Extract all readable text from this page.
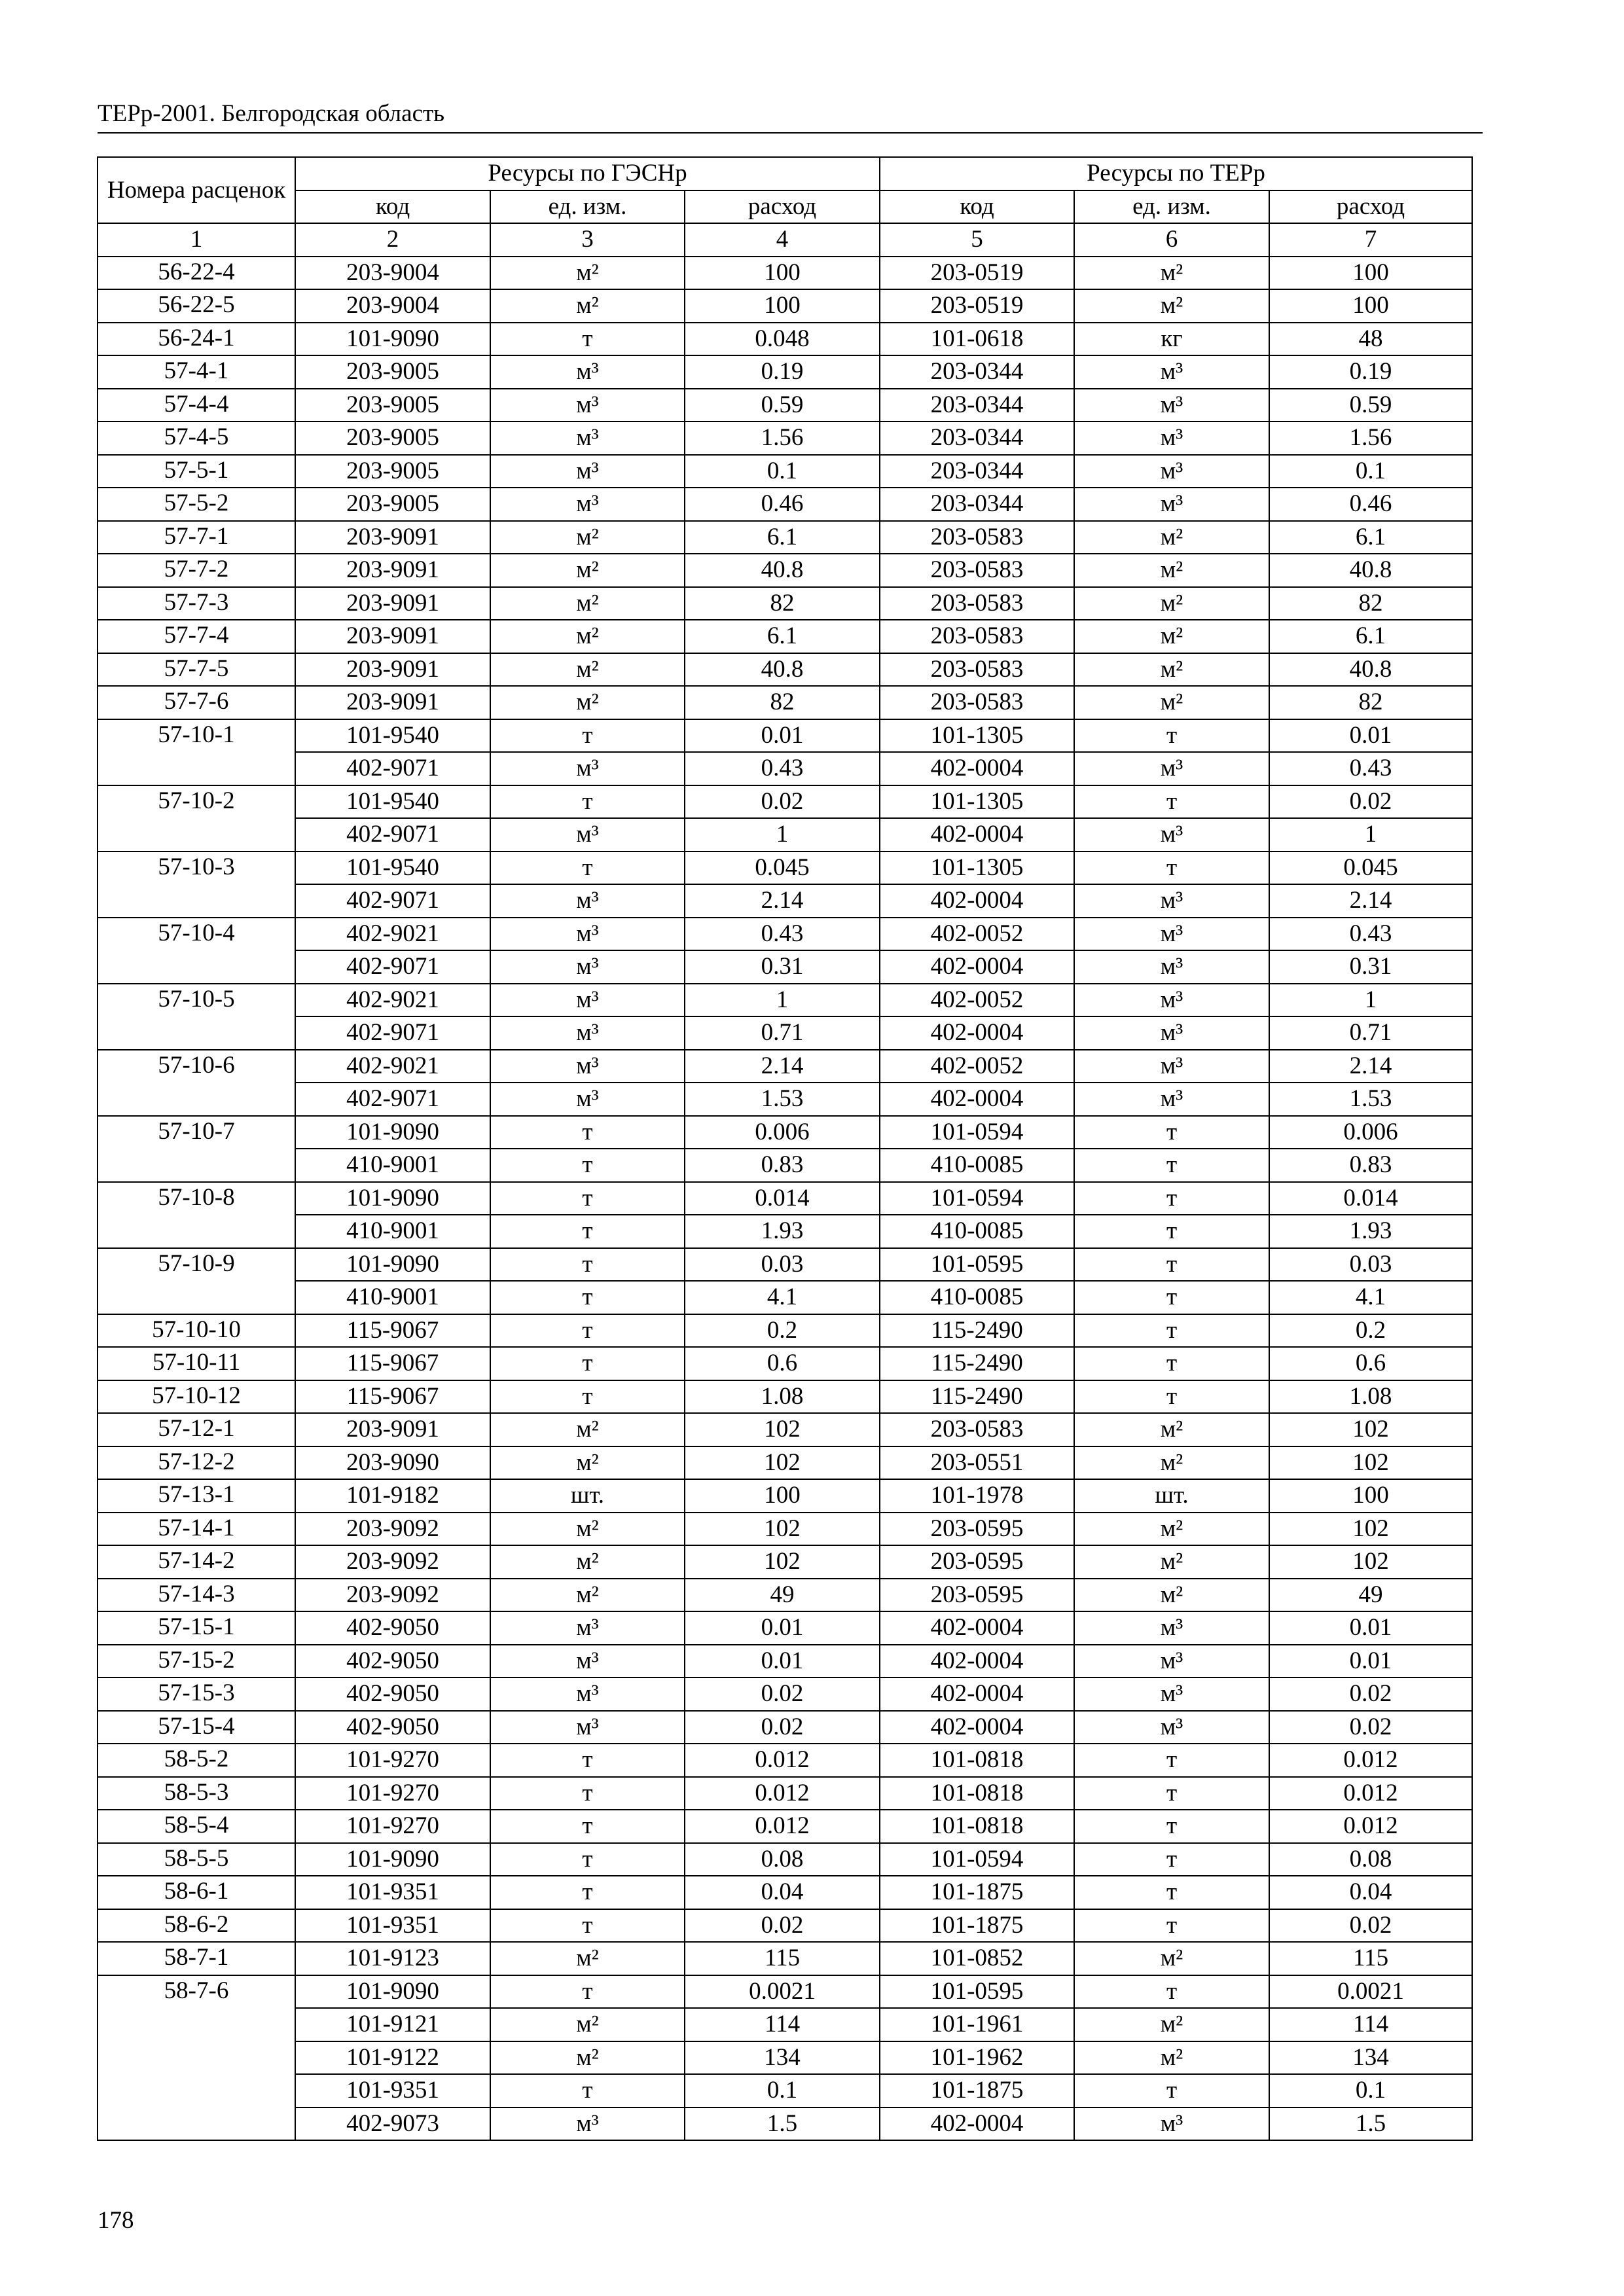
ТЕРр-2001. Белгородская область
Номера расценок	Ресурсы по ГЭСНр			Ресурсы по ТЕРр		
	код	ед. изм.	расход	код	ед. изм.	расход
1	2	3	4	5	6	7
56-22-4	203-9004	м²	100	203-0519	м²	100
56-22-5	203-9004	м²	100	203-0519	м²	100
56-24-1	101-9090	т	0.048	101-0618	кг	48
57-4-1	203-9005	м³	0.19	203-0344	м³	0.19
57-4-4	203-9005	м³	0.59	203-0344	м³	0.59
57-4-5	203-9005	м³	1.56	203-0344	м³	1.56
57-5-1	203-9005	м³	0.1	203-0344	м³	0.1
57-5-2	203-9005	м³	0.46	203-0344	м³	0.46
57-7-1	203-9091	м²	6.1	203-0583	м²	6.1
57-7-2	203-9091	м²	40.8	203-0583	м²	40.8
57-7-3	203-9091	м²	82	203-0583	м²	82
57-7-4	203-9091	м²	6.1	203-0583	м²	6.1
57-7-5	203-9091	м²	40.8	203-0583	м²	40.8
57-7-6	203-9091	м²	82	203-0583	м²	82
57-10-1	101-9540	т	0.01	101-1305	т	0.01
	402-9071	м³	0.43	402-0004	м³	0.43
57-10-2	101-9540	т	0.02	101-1305	т	0.02
	402-9071	м³	1	402-0004	м³	1
57-10-3	101-9540	т	0.045	101-1305	т	0.045
	402-9071	м³	2.14	402-0004	м³	2.14
57-10-4	402-9021	м³	0.43	402-0052	м³	0.43
	402-9071	м³	0.31	402-0004	м³	0.31
57-10-5	402-9021	м³	1	402-0052	м³	1
	402-9071	м³	0.71	402-0004	м³	0.71
57-10-6	402-9021	м³	2.14	402-0052	м³	2.14
	402-9071	м³	1.53	402-0004	м³	1.53
57-10-7	101-9090	т	0.006	101-0594	т	0.006
	410-9001	т	0.83	410-0085	т	0.83
57-10-8	101-9090	т	0.014	101-0594	т	0.014
	410-9001	т	1.93	410-0085	т	1.93
57-10-9	101-9090	т	0.03	101-0595	т	0.03
	410-9001	т	4.1	410-0085	т	4.1
57-10-10	115-9067	т	0.2	115-2490	т	0.2
57-10-11	115-9067	т	0.6	115-2490	т	0.6
57-10-12	115-9067	т	1.08	115-2490	т	1.08
57-12-1	203-9091	м²	102	203-0583	м²	102
57-12-2	203-9090	м²	102	203-0551	м²	102
57-13-1	101-9182	шт.	100	101-1978	шт.	100
57-14-1	203-9092	м²	102	203-0595	м²	102
57-14-2	203-9092	м²	102	203-0595	м²	102
57-14-3	203-9092	м²	49	203-0595	м²	49
57-15-1	402-9050	м³	0.01	402-0004	м³	0.01
57-15-2	402-9050	м³	0.01	402-0004	м³	0.01
57-15-3	402-9050	м³	0.02	402-0004	м³	0.02
57-15-4	402-9050	м³	0.02	402-0004	м³	0.02
58-5-2	101-9270	т	0.012	101-0818	т	0.012
58-5-3	101-9270	т	0.012	101-0818	т	0.012
58-5-4	101-9270	т	0.012	101-0818	т	0.012
58-5-5	101-9090	т	0.08	101-0594	т	0.08
58-6-1	101-9351	т	0.04	101-1875	т	0.04
58-6-2	101-9351	т	0.02	101-1875	т	0.02
58-7-1	101-9123	м²	115	101-0852	м²	115
58-7-6	101-9090	т	0.0021	101-0595	т	0.0021
	101-9121	м²	114	101-1961	м²	114
	101-9122	м²	134	101-1962	м²	134
	101-9351	т	0.1	101-1875	т	0.1
	402-9073	м³	1.5	402-0004	м³	1.5
178
